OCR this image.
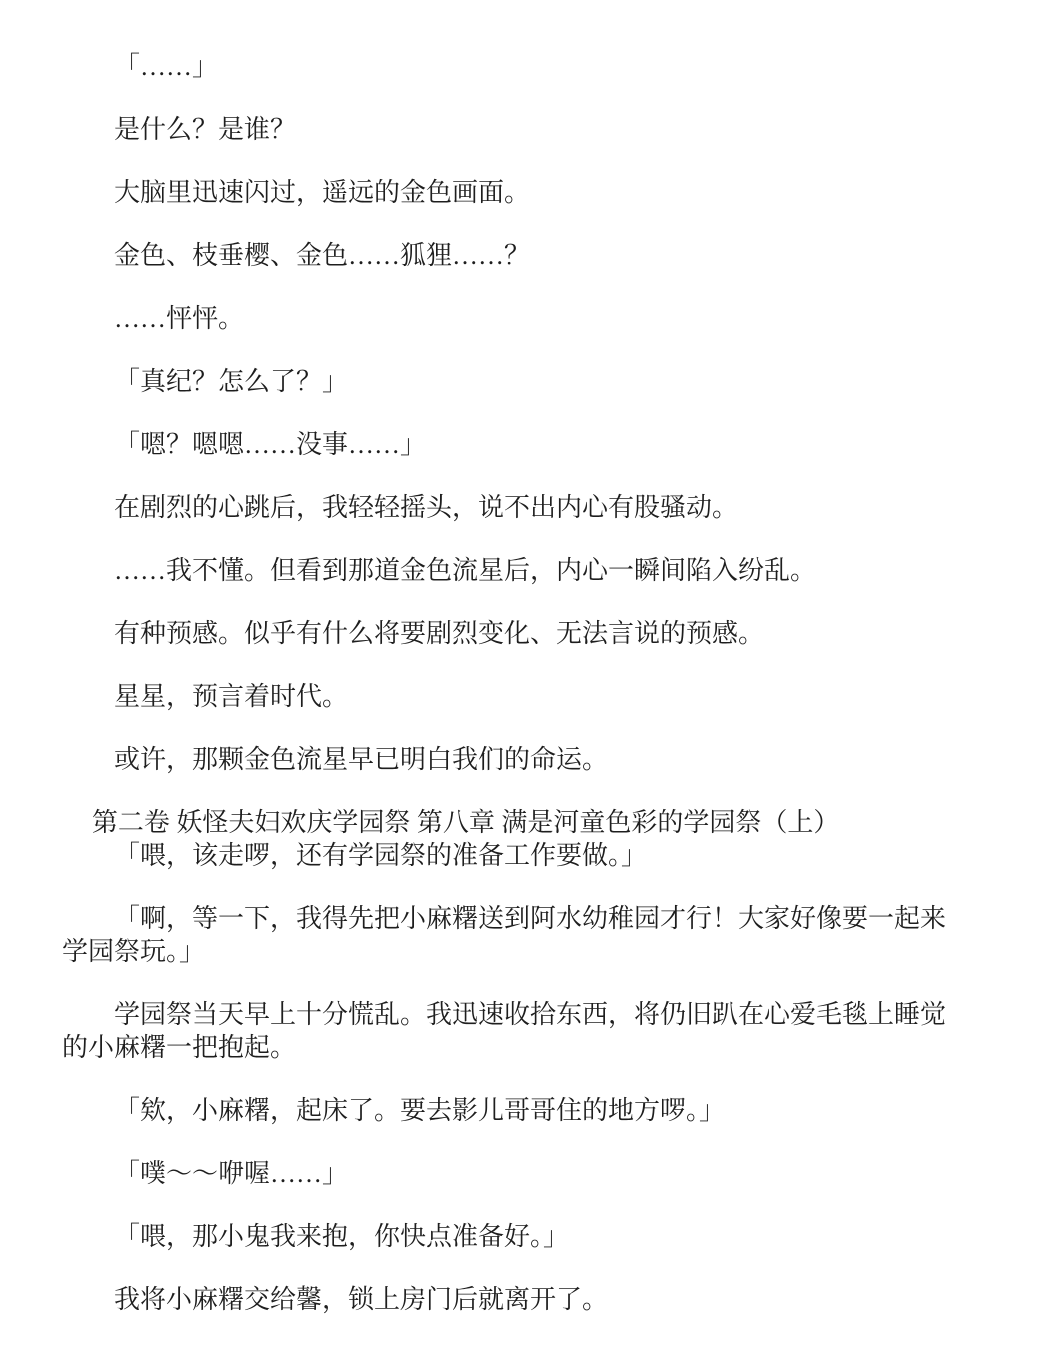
「……」

是什么？是谁？

大脑里迅速闪过，遥远的金色画面。

金色、枝垂樱、金色……狐狸……？

……怦怦。

「真纪？怎么了？」

「嗯？嗯嗯……没事……」

在剧烈的心跳后，我轻轻摇头，说不出内心有股骚动。

……我不懂。但看到那道金色流星后，内心一瞬间陷入纷乱。

有种预感。似乎有什么将要剧烈变化、无法言说的预感。

星星，预言着时代。

或许，那颗金色流星早已明白我们的命运。

第二卷 妖怪夫妇欢庆学园祭 第八章 满是河童色彩的学园祭（上）

「喂，该走啰，还有学园祭的准备工作要做。」

「啊，等一下，我得先把小麻糬送到阿水幼稚园才行！大家好像要一起来学园祭玩。」

学园祭当天早上十分慌乱。我迅速收拾东西，将仍旧趴在心爱毛毯上睡觉的小麻糬一把抱起。

「欸，小麻糬，起床了。要去影儿哥哥住的地方啰。」

「噗～～咿喔……」

「喂，那小鬼我来抱，你快点准备好。」

我将小麻糬交给馨，锁上房门后就离开了。
